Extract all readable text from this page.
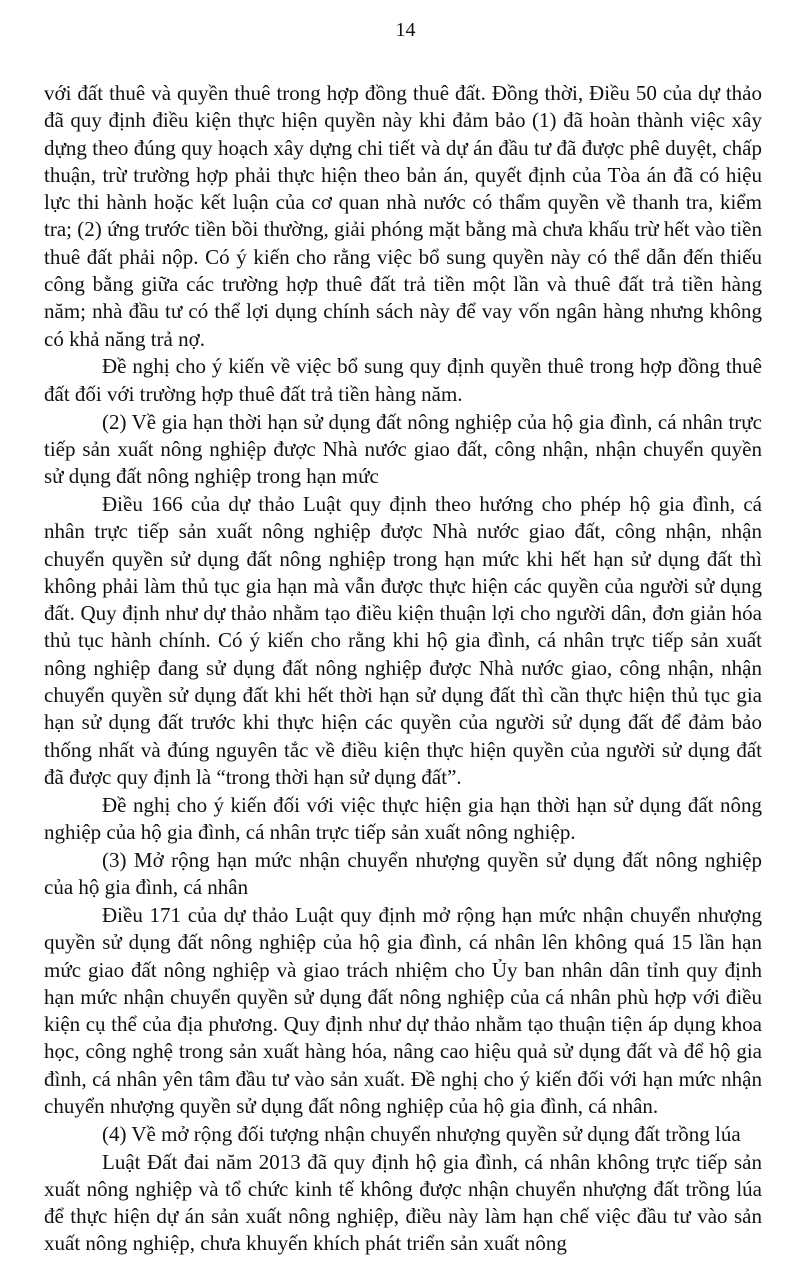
14

với đất thuê và quyền thuê trong hợp đồng thuê đất. Đồng thời, Điều 50 của dự thảo đã quy định điều kiện thực hiện quyền này khi đảm bảo (1) đã hoàn thành việc xây dựng theo đúng quy hoạch xây dựng chi tiết và dự án đầu tư đã được phê duyệt, chấp thuận, trừ trường hợp phải thực hiện theo bản án, quyết định của Tòa án đã có hiệu lực thi hành hoặc kết luận của cơ quan nhà nước có thẩm quyền về thanh tra, kiểm tra; (2) ứng trước tiền bồi thường, giải phóng mặt bằng mà chưa khấu trừ hết vào tiền thuê đất phải nộp. Có ý kiến cho rằng việc bổ sung quyền này có thể dẫn đến thiếu công bằng giữa các trường hợp thuê đất trả tiền một lần và thuê đất trả tiền hàng năm; nhà đầu tư có thể lợi dụng chính sách này để vay vốn ngân hàng nhưng không có khả năng trả nợ.

Đề nghị cho ý kiến về việc bổ sung quy định quyền thuê trong hợp đồng thuê đất đối với trường hợp thuê đất trả tiền hàng năm.

(2) Về gia hạn thời hạn sử dụng đất nông nghiệp của hộ gia đình, cá nhân trực tiếp sản xuất nông nghiệp được Nhà nước giao đất, công nhận, nhận chuyển quyền sử dụng đất nông nghiệp trong hạn mức

Điều 166 của dự thảo Luật quy định theo hướng cho phép hộ gia đình, cá nhân trực tiếp sản xuất nông nghiệp được Nhà nước giao đất, công nhận, nhận chuyển quyền sử dụng đất nông nghiệp trong hạn mức khi hết hạn sử dụng đất thì không phải làm thủ tục gia hạn mà vẫn được thực hiện các quyền của người sử dụng đất. Quy định như dự thảo nhằm tạo điều kiện thuận lợi cho người dân, đơn giản hóa thủ tục hành chính. Có ý kiến cho rằng khi hộ gia đình, cá nhân trực tiếp sản xuất nông nghiệp đang sử dụng đất nông nghiệp được Nhà nước giao, công nhận, nhận chuyển quyền sử dụng đất khi hết thời hạn sử dụng đất thì cần thực hiện thủ tục gia hạn sử dụng đất trước khi thực hiện các quyền của người sử dụng đất để đảm bảo thống nhất và đúng nguyên tắc về điều kiện thực hiện quyền của người sử dụng đất đã được quy định là “trong thời hạn sử dụng đất”.

Đề nghị cho ý kiến đối với việc thực hiện gia hạn thời hạn sử dụng đất nông nghiệp của hộ gia đình, cá nhân trực tiếp sản xuất nông nghiệp.

(3) Mở rộng hạn mức nhận chuyển nhượng quyền sử dụng đất nông nghiệp của hộ gia đình, cá nhân

Điều 171 của dự thảo Luật quy định mở rộng hạn mức nhận chuyển nhượng quyền sử dụng đất nông nghiệp của hộ gia đình, cá nhân lên không quá 15 lần hạn mức giao đất nông nghiệp và giao trách nhiệm cho Ủy ban nhân dân tỉnh quy định hạn mức nhận chuyển quyền sử dụng đất nông nghiệp của cá nhân phù hợp với điều kiện cụ thể của địa phương. Quy định như dự thảo nhằm tạo thuận tiện áp dụng khoa học, công nghệ trong sản xuất hàng hóa, nâng cao hiệu quả sử dụng đất và để hộ gia đình, cá nhân yên tâm đầu tư vào sản xuất. Đề nghị cho ý kiến đối với hạn mức nhận chuyển nhượng quyền sử dụng đất nông nghiệp của hộ gia đình, cá nhân.

(4) Về mở rộng đối tượng nhận chuyển nhượng quyền sử dụng đất trồng lúa

Luật Đất đai năm 2013 đã quy định hộ gia đình, cá nhân không trực tiếp sản xuất nông nghiệp và tổ chức kinh tế không được nhận chuyển nhượng đất trồng lúa để thực hiện dự án sản xuất nông nghiệp, điều này làm hạn chế việc đầu tư vào sản xuất nông nghiệp, chưa khuyến khích phát triển sản xuất nông
